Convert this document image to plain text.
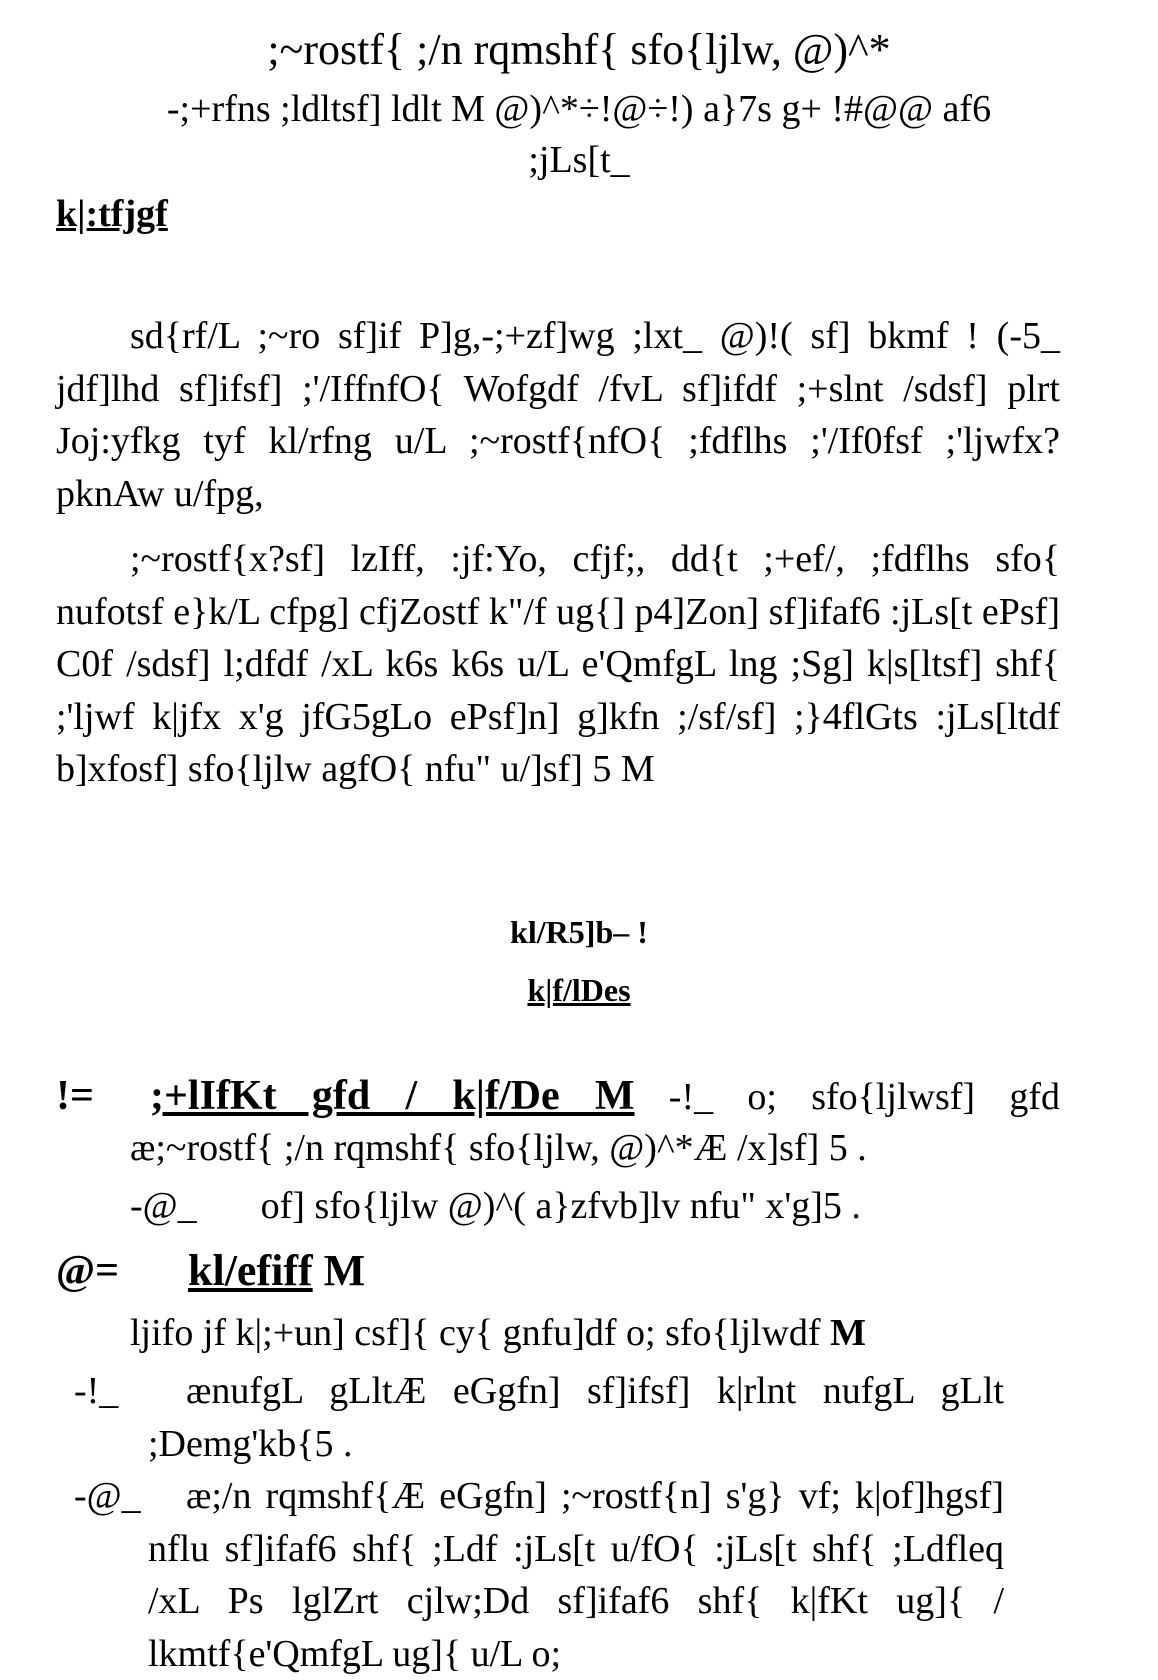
;~rostf{ ;/n rqmshf{ sfo{ljlw, @)^*
-;+rfns ;ldltsf] ldlt M @)^*÷!@÷!) a}7s g+ !#@@ af6
;jLs[t_
k|:tfjgf

sd{rf/L ;~ro sf]if P]g,-;+zf]wg ;lxt_ @)!( sf] bkmf ! (-5_ jdf]lhd sf]ifsf] ;'/IffnfO{ Wofgdf /fvL sf]ifdf ;+slnt /sdsf] plrt Joj:yfkg tyf kl/rfng u/L ;~rostf{nfO{ ;fdflhs ;'/If0fsf ;'ljwfx? pknAw u/fpg,

;~rostf{x?sf] lzIff, :jf:Yo, cfjf;, dd{t ;+ef/, ;fdflhs sfo{ nufotsf e}k/L cfpg] cfjZostf k"/f ug{] p4]Zon] sf]ifaf6 :jLs[t ePsf] C0f /sdsf] l;dfdf /xL k6s k6s u/L e'QmfgL lng ;Sg] k|s[ltsf] shf{ ;'ljwf k|jfx x'g jfG5gLo ePsf]n] g]kfn ;/sf/sf] ;}4flGts :jLs[ltdf b]xfosf] sfo{ljlw agfO{ nfu" u/]sf] 5 M

kl/R5]b– !
k|f/lDes
!= ;+lIfKt gfd / k|f/De M -!_ o; sfo{ljlwsf] gfd
æ;~rostf{ ;/n rqmshf{ sfo{ljlw, @)^*Æ /x]sf] 5 .
-@_ of] sfo{ljlw @)^( a}zfvb]lv nfu" x'g]5 .
@= kl/efiff M
ljifo jf k|;+un] csf]{ cy{ gnfu]df o; sfo{ljlwdf M
-!_	ænufgL gLltÆ eGgfn] sf]ifsf] k|rlnt nufgL gLlt ;Demg'kb{5 .
-@_	æ;/n rqmshf{Æ eGgfn] ;~rostf{n] s'g} vf; k|of]hgsf] nflu sf]ifaf6 shf{ ;Ldf :jLs[t u/fO{ :jLs[t shf{ ;Ldfleq /xL Ps lglZrt cjlw;Dd sf]ifaf6 shf{ k|fKt ug]{ / lkmtf{e'QmfgL ug]{ u/L o;
